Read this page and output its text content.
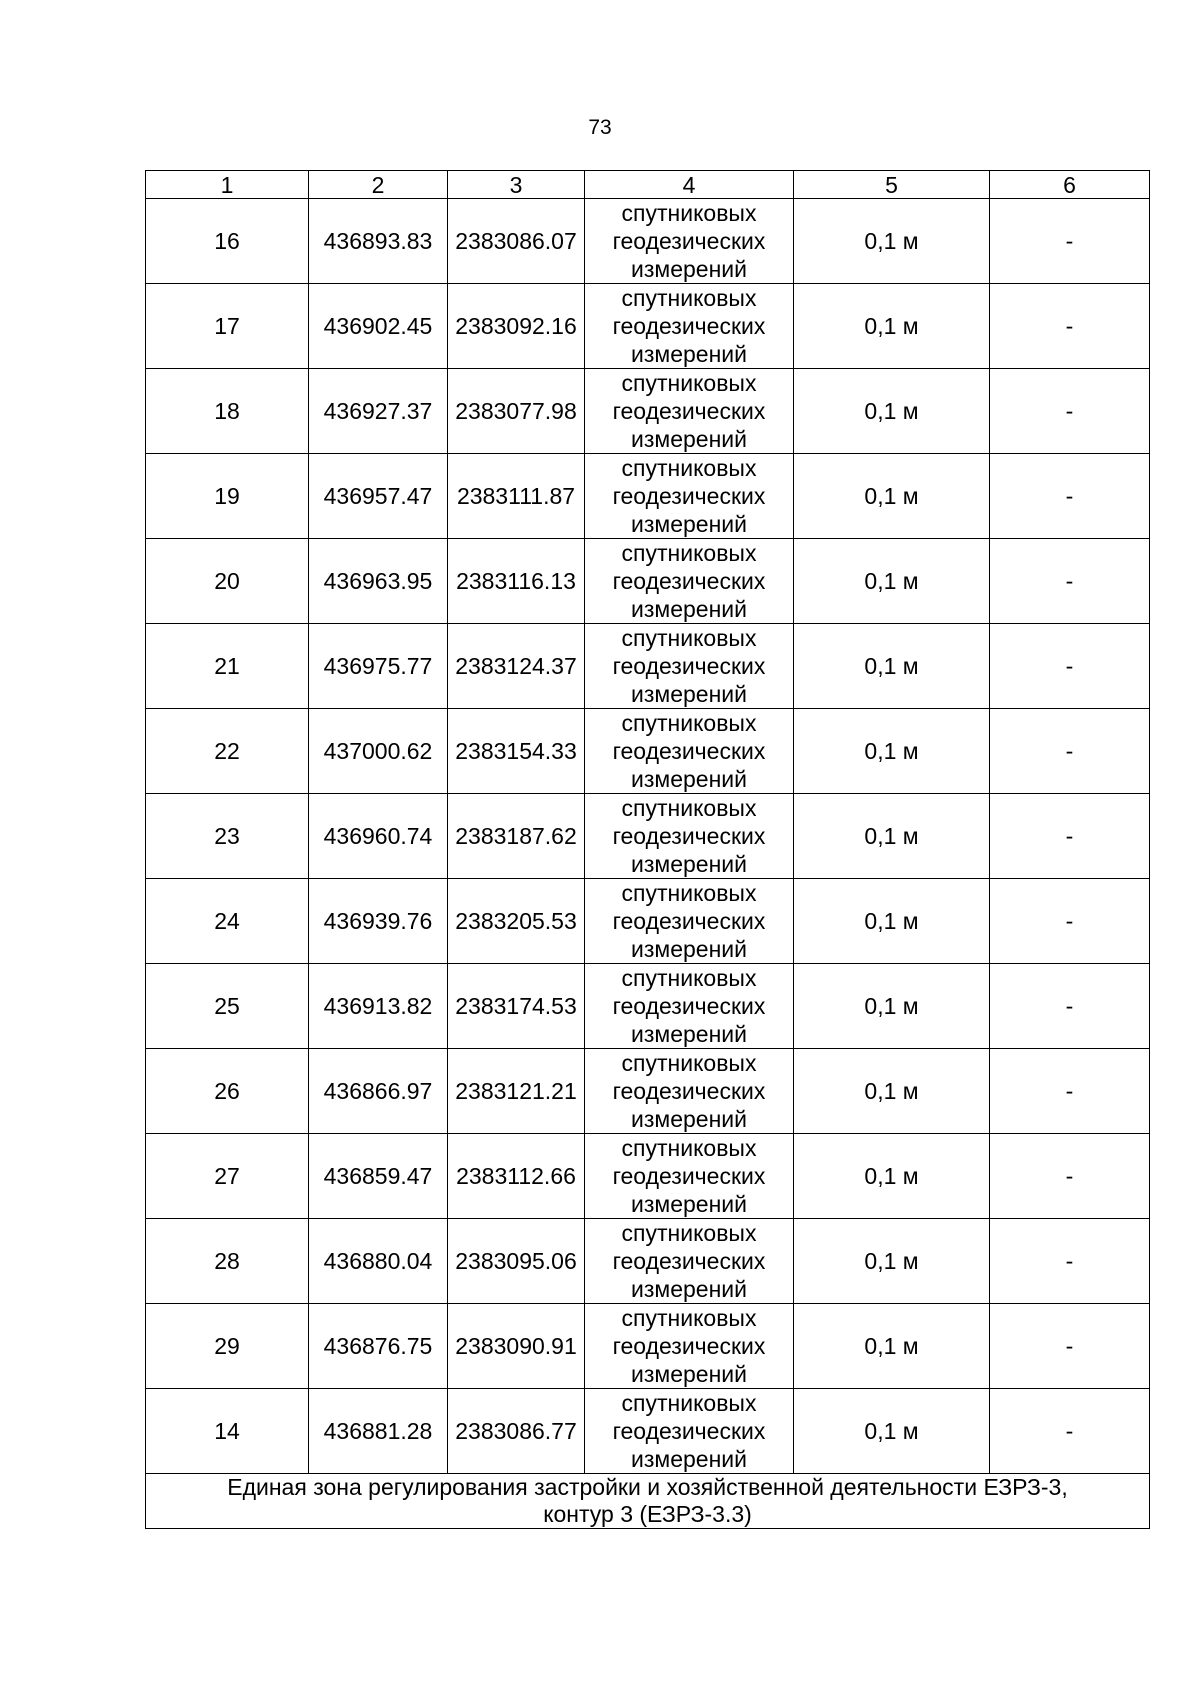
73
1	2	3	4	5	6
16	436893.83	2383086.07	спутниковых
геодезических
измерений	0,1 м	-
17	436902.45	2383092.16	спутниковых
геодезических
измерений	0,1 м	-
18	436927.37	2383077.98	спутниковых
геодезических
измерений	0,1 м	-
19	436957.47	2383111.87	спутниковых
геодезических
измерений	0,1 м	-
20	436963.95	2383116.13	спутниковых
геодезических
измерений	0,1 м	-
21	436975.77	2383124.37	спутниковых
геодезических
измерений	0,1 м	-
22	437000.62	2383154.33	спутниковых
геодезических
измерений	0,1 м	-
23	436960.74	2383187.62	спутниковых
геодезических
измерений	0,1 м	-
24	436939.76	2383205.53	спутниковых
геодезических
измерений	0,1 м	-
25	436913.82	2383174.53	спутниковых
геодезических
измерений	0,1 м	-
26	436866.97	2383121.21	спутниковых
геодезических
измерений	0,1 м	-
27	436859.47	2383112.66	спутниковых
геодезических
измерений	0,1 м	-
28	436880.04	2383095.06	спутниковых
геодезических
измерений	0,1 м	-
29	436876.75	2383090.91	спутниковых
геодезических
измерений	0,1 м	-
14	436881.28	2383086.77	спутниковых
геодезических
измерений	0,1 м	-
Единая зона регулирования застройки и хозяйственной деятельности ЕЗРЗ-3,
контур 3 (ЕЗРЗ-3.3)					
